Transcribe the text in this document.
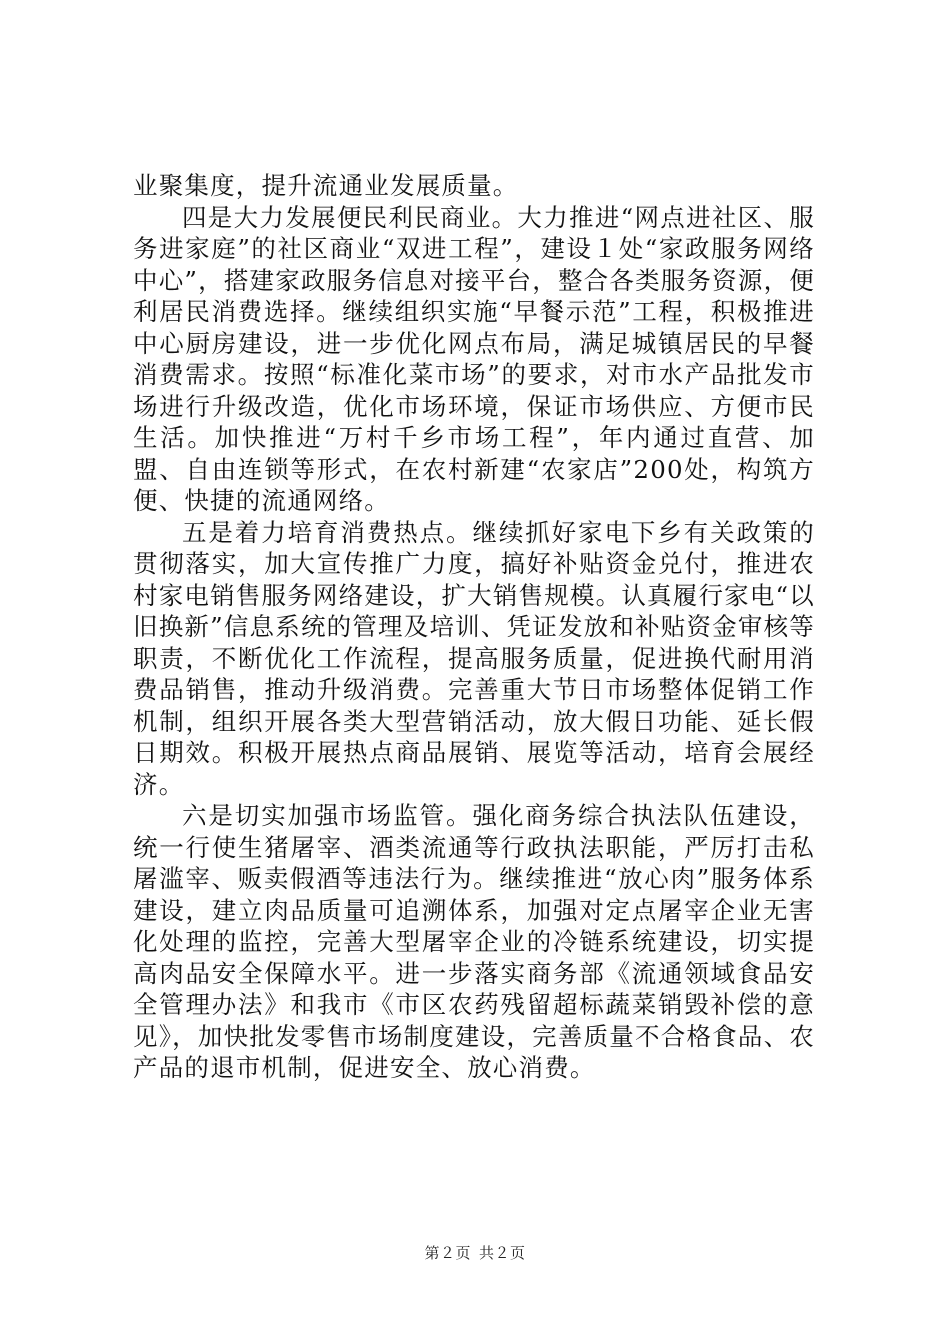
业聚集度，提升流通业发展质量。

四是大力发展便民利民商业。大力推进“网点进社区、服务进家庭”的社区商业“双进工程”，建设１处“家政服务网络中心”，搭建家政服务信息对接平台，整合各类服务资源，便利居民消费选择。继续组织实施“早餐示范”工程，积极推进中心厨房建设，进一步优化网点布局，满足城镇居民的早餐消费需求。按照“标准化菜市场”的要求，对市水产品批发市场进行升级改造，优化市场环境，保证市场供应、方便市民生活。加快推进“万村千乡市场工程”，年内通过直营、加盟、自由连锁等形式，在农村新建“农家店”200处，构筑方便、快捷的流通网络。

五是着力培育消费热点。继续抓好家电下乡有关政策的贯彻落实，加大宣传推广力度，搞好补贴资金兑付，推进农村家电销售服务网络建设，扩大销售规模。认真履行家电“以旧换新”信息系统的管理及培训、凭证发放和补贴资金审核等职责，不断优化工作流程，提高服务质量，促进换代耐用消费品销售，推动升级消费。完善重大节日市场整体促销工作机制，组织开展各类大型营销活动，放大假日功能、延长假日期效。积极开展热点商品展销、展览等活动，培育会展经济。

六是切实加强市场监管。强化商务综合执法队伍建设，统一行使生猪屠宰、酒类流通等行政执法职能，严厉打击私屠滥宰、贩卖假酒等违法行为。继续推进“放心肉”服务体系建设，建立肉品质量可追溯体系，加强对定点屠宰企业无害化处理的监控，完善大型屠宰企业的冷链系统建设，切实提高肉品安全保障水平。进一步落实商务部《流通领域食品安全管理办法》和我市《市区农药残留超标蔬菜销毁补偿的意见》，加快批发零售市场制度建设，完善质量不合格食品、农产品的退市机制，促进安全、放心消费。

第２页 共２页
